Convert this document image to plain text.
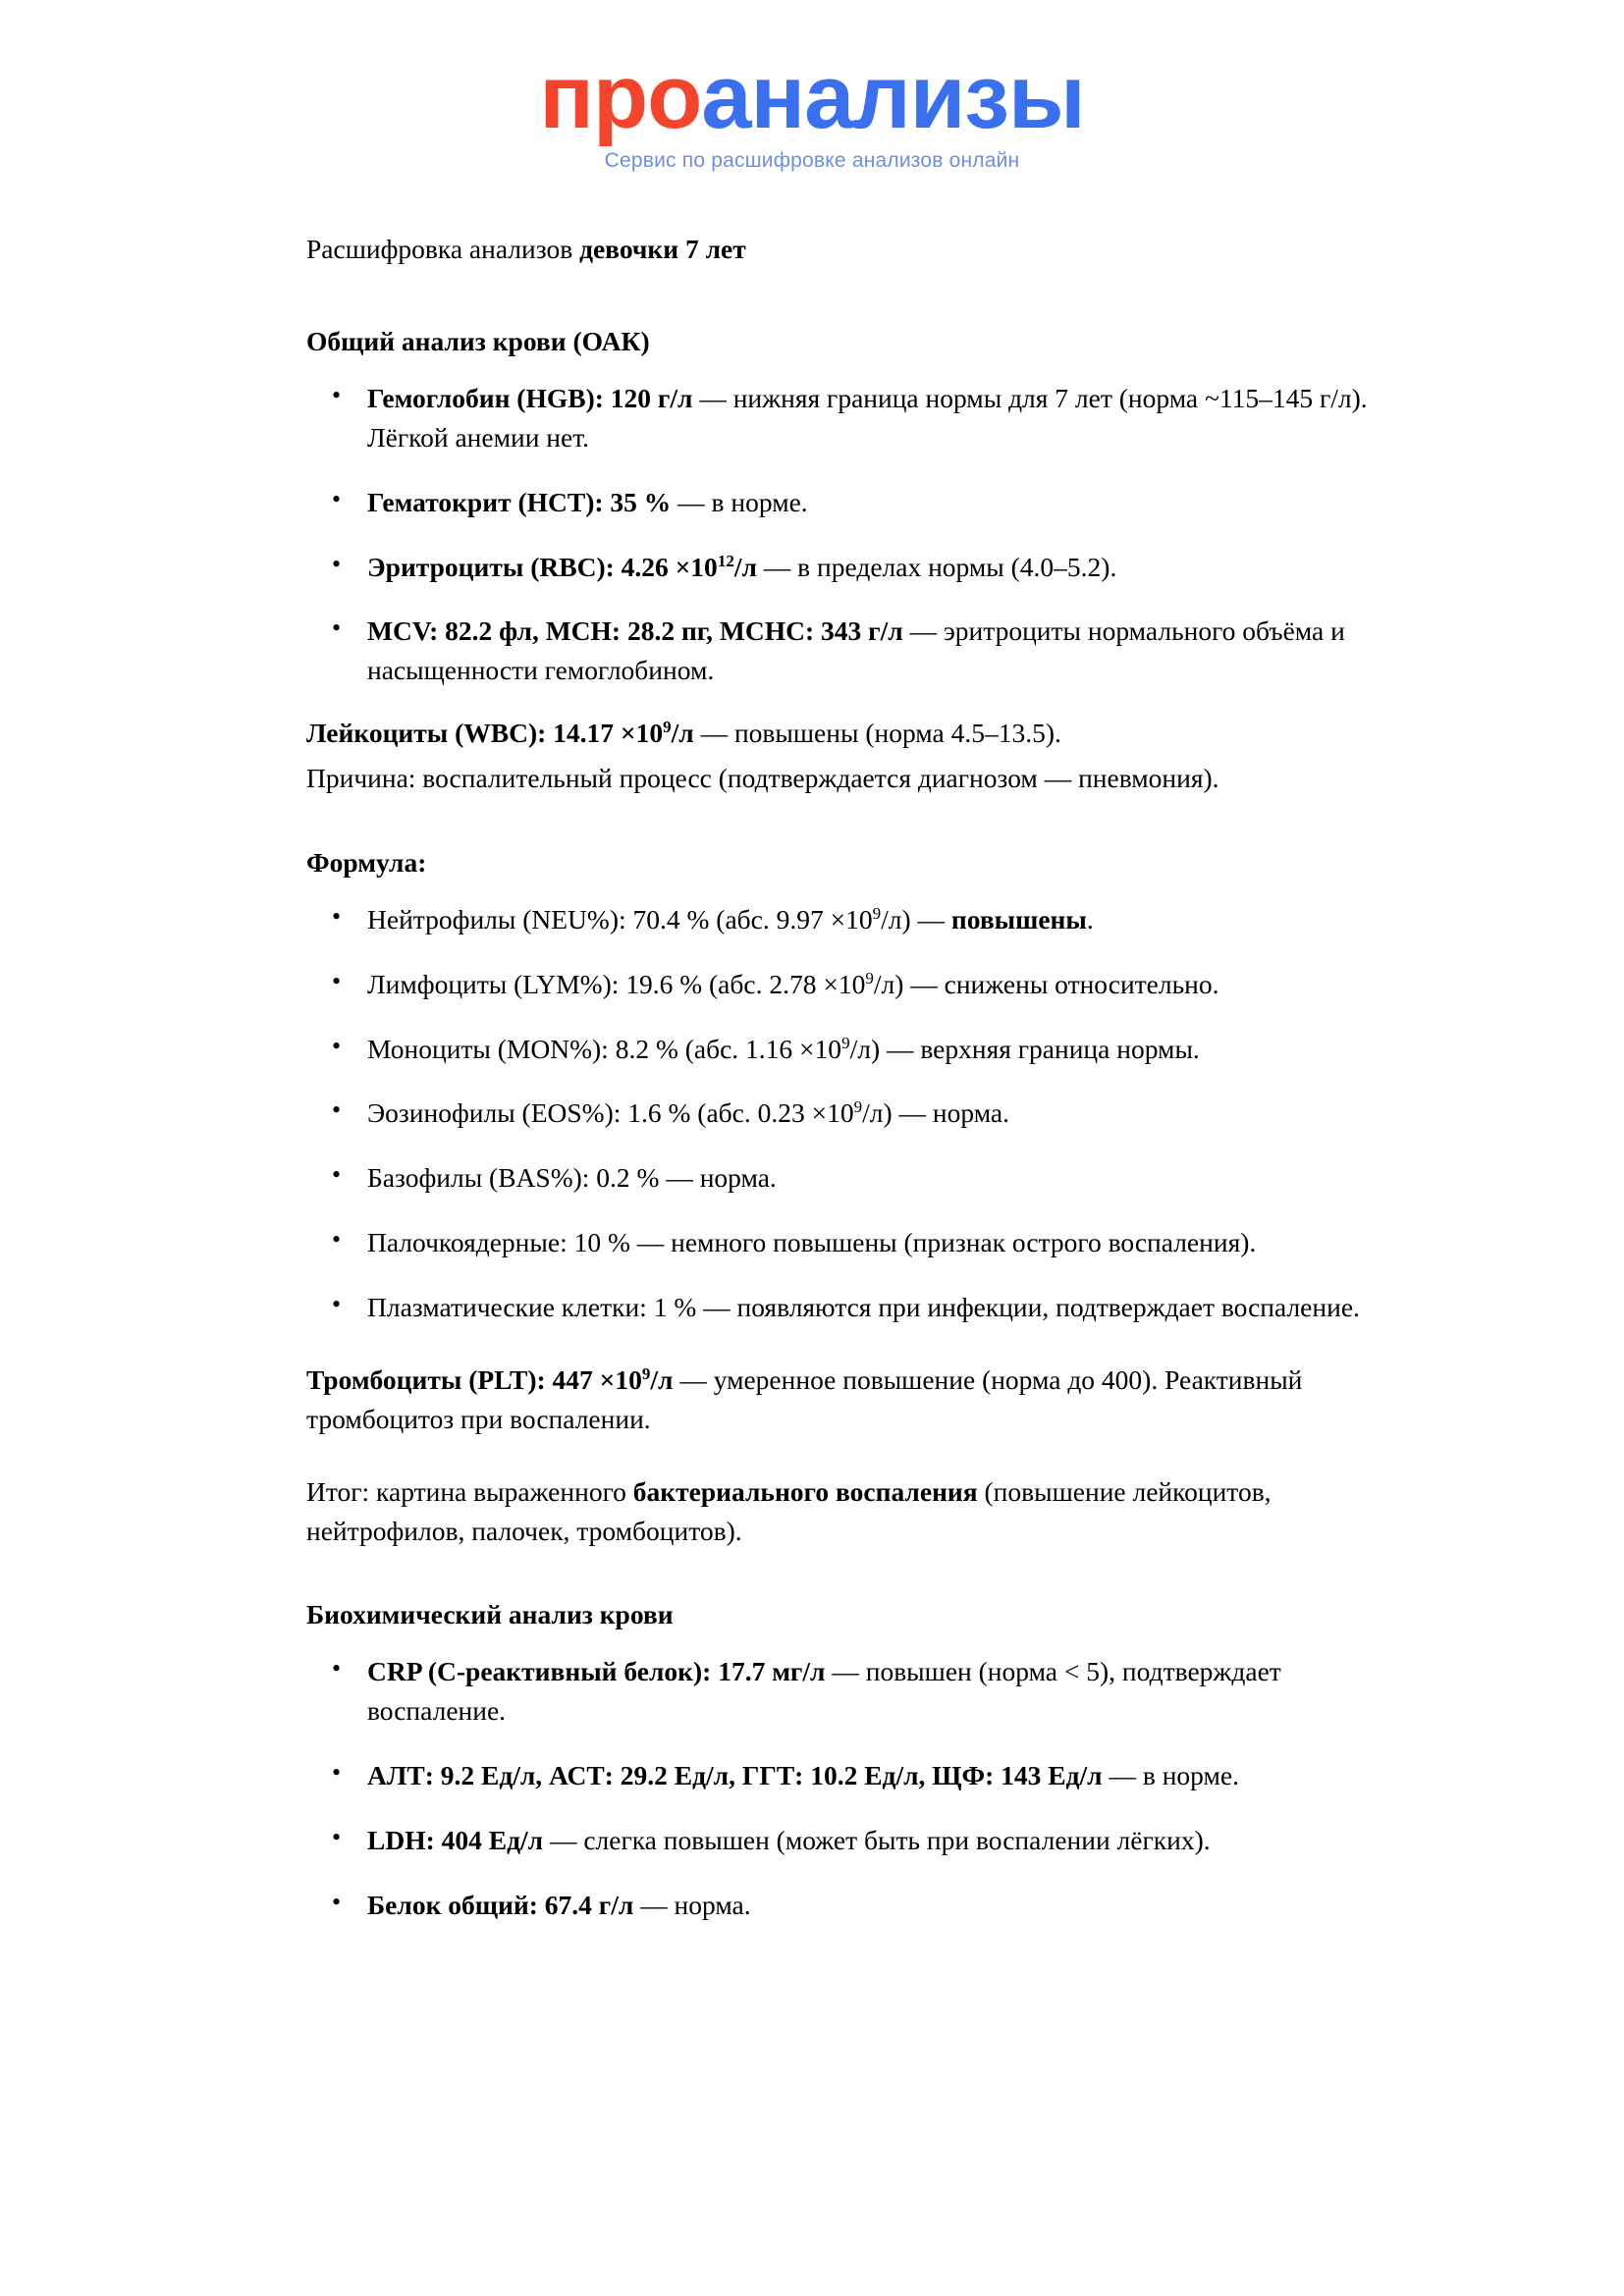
проанализы
Сервис по расшифровке анализов онлайн

Расшифровка анализов девочки 7 лет

Общий анализ крови (ОАК)
• Гемоглобин (HGB): 120 г/л — нижняя граница нормы для 7 лет (норма ~115–145 г/л). Лёгкой анемии нет.
• Гематокрит (HCT): 35 % — в норме.
• Эритроциты (RBC): $4.26 \times 10^{12}/л$ — в пределах нормы (4.0–5.2).
• MCV: 82.2 фл, MCH: 28.2 пг, MCHC: 343 г/л — эритроциты нормального объёма и насыщенности гемоглобином.

Лейкоциты (WBC): $14.17 \times 10^9/л$ — повышены (норма 4.5–13.5).

Причина: воспалительный процесс (подтверждается диагнозом — пневмония).

Формула:
• Нейтрофилы (NEU%): 70.4 % (абс. $9.97 \times 10^9/л$) — повышены.
• Лимфоциты (LYM%): 19.6 % (абс. $2.78 \times 10^9/л$) — снижены относительно.
• Моноциты (MON%): 8.2 % (абс. $1.16 \times 10^9/л$) — верхняя граница нормы.
• Эозинофилы (EOS%): 1.6 % (абс. $0.23 \times 10^9/л$) — норма.
• Базофилы (BAS%): 0.2 % — норма.
• Палочкоядерные: 10 % — немного повышены (признак острого воспаления).
• Плазматические клетки: 1 % — появляются при инфекции, подтверждает воспаление.

Тромбоциты (PLT): $447 \times 10^9/л$ — умеренное повышение (норма до 400). Реактивный тромбоцитоз при воспалении.

Итог: картина выраженного бактериального воспаления (повышение лейкоцитов, нейтрофилов, палочек, тромбоцитов).

Биохимический анализ крови
• CRP (С-реактивный белок): 17.7 мг/л — повышен (норма < 5), подтверждает воспаление.
• АЛТ: 9.2 Ед/л, АСТ: 29.2 Ед/л, ГГТ: 10.2 Ед/л, ЩФ: 143 Ед/л — в норме.
• LDH: 404 Ед/л — слегка повышен (может быть при воспалении лёгких).
• Белок общий: 67.4 г/л — норма.
